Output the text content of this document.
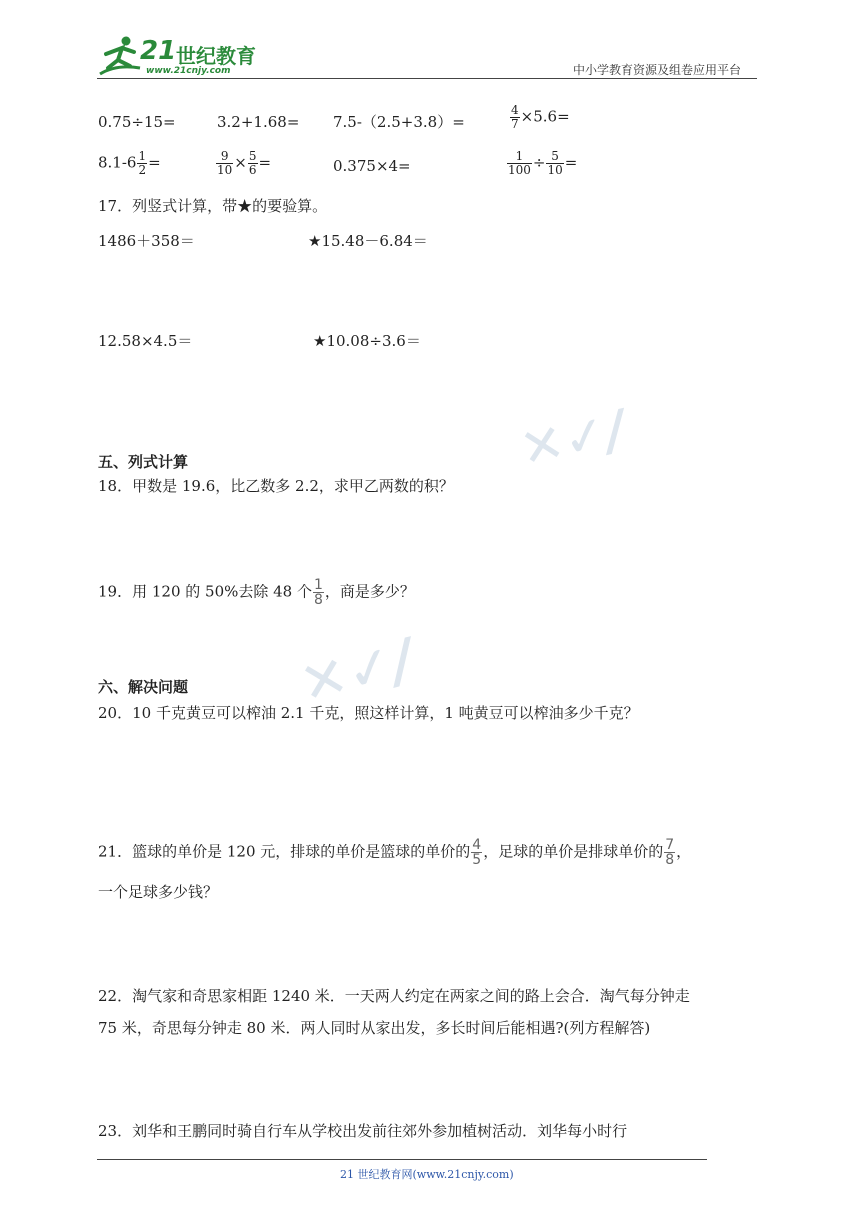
21 世纪教育
www.21cnjy.com	中小学教育资源及组卷应用平台
0.75÷15=	3.2+1.68= 7.5-（2.5+3.8）=	$\frac{4}{7} \times 5.6=$
$8.1-6 \frac{1}{2}$ =	$\frac{9}{10} \times \frac{5}{6}$ =	0.375×4=	$\frac{1}{100} \div \frac{5}{10}$ =
17．列竖式计算，带★的要验算。
1486＋358＝	★15.48－6.84＝
12.58×4.5＝	★10.08÷3.6＝
✕✓∕
✕✓∕
五、列式计算
18．甲数是 19.6，比乙数多 2.2，求甲乙两数的积？
19．用 120 的 50%去除 48 个 $\frac{1}{8}$ ，商是多少？
六、解决问题
20．10 千克黄豆可以榨油 2.1 千克，照这样计算，1 吨黄豆可以榨油多少千克？
21．篮球的单价是 120 元，排球的单价是篮球的单价的 $\frac{4}{5}$ ，足球的单价是排球单价的 $\frac{7}{8}$ ，
一个足球多少钱？
22．淘气家和奇思家相距 1240 米．一天两人约定在两家之间的路上会合．淘气每分钟走
75 米，奇思每分钟走 80 米．两人同时从家出发，多长时间后能相遇?(列方程解答)
23．刘华和王鹏同时骑自行车从学校出发前往郊外参加植树活动．刘华每小时行
21 世纪教育网(www.21cnjy.com)
